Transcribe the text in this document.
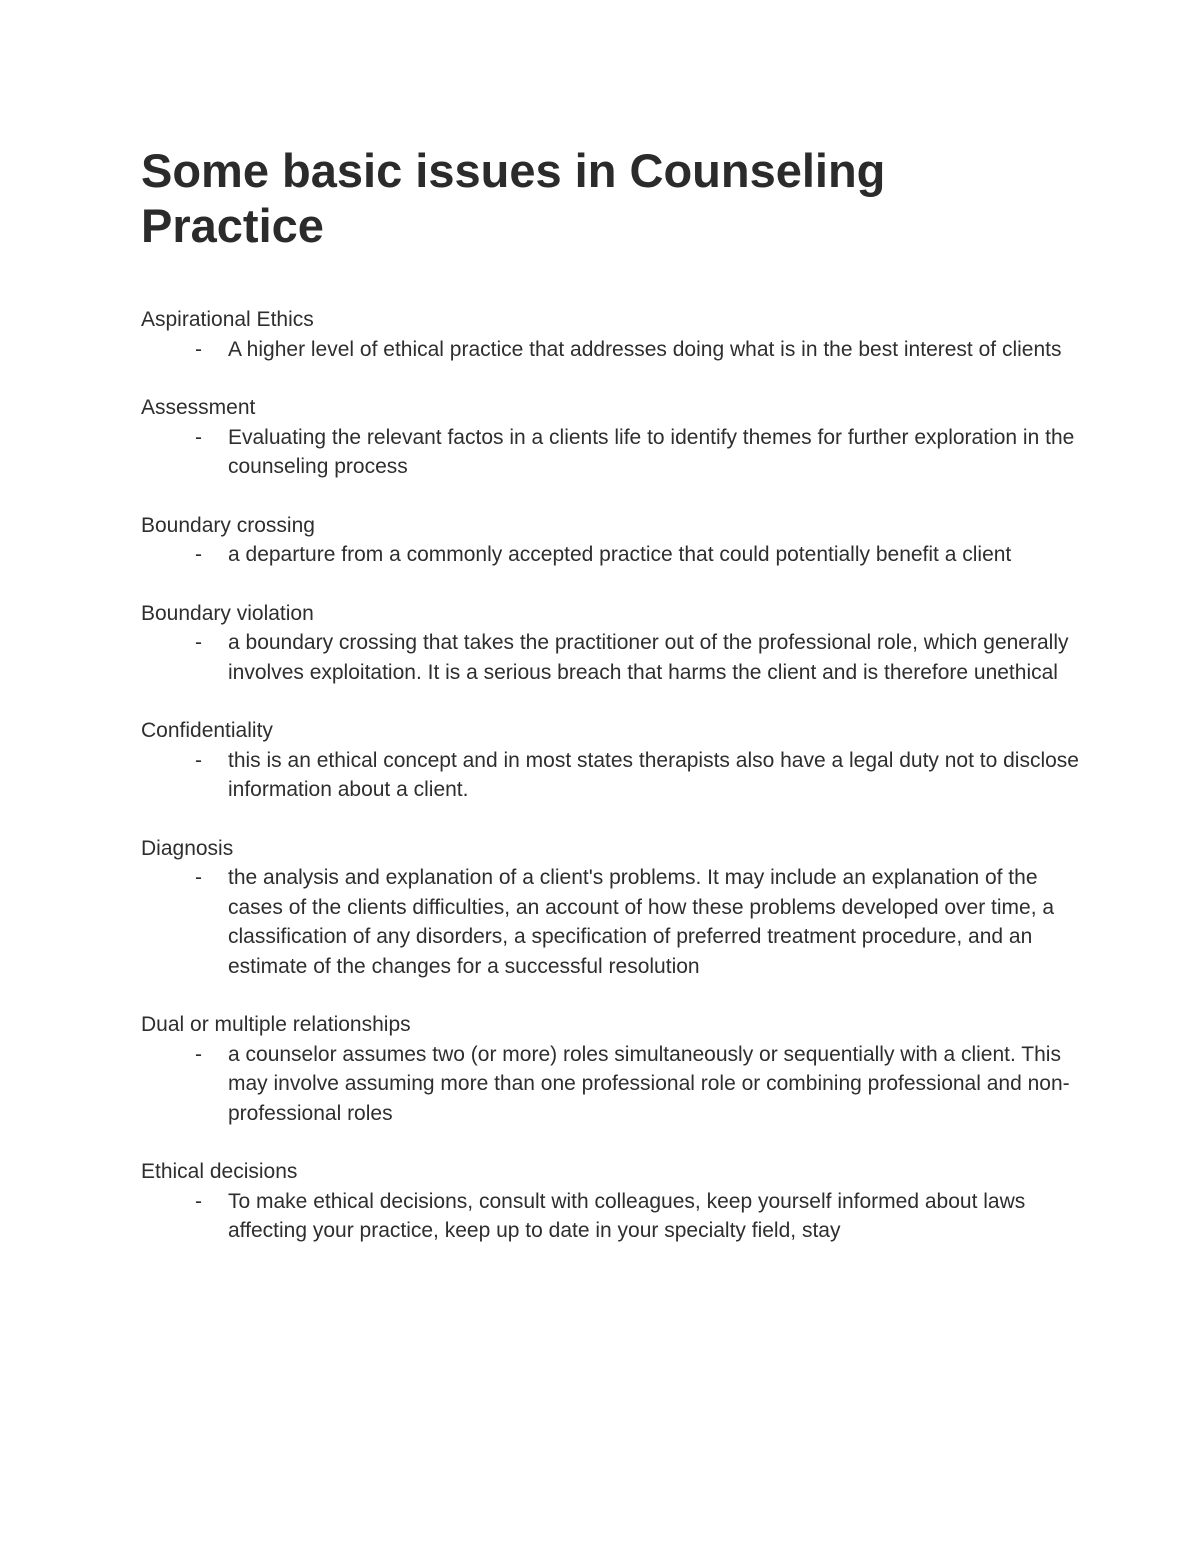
Some basic issues in Counseling Practice

Aspirational Ethics

- A higher level of ethical practice that addresses doing what is in the best interest of clients

Assessment

- Evaluating the relevant factos in a clients life to identify themes for further exploration in the counseling process

Boundary crossing

- a departure from a commonly accepted practice that could potentially benefit a client

Boundary violation

- a boundary crossing that takes the practitioner out of the professional role, which generally involves exploitation. It is a serious breach that harms the client and is therefore unethical

Confidentiality

- this is an ethical concept and in most states therapists also have a legal duty not to disclose information about a client.

Diagnosis

- the analysis and explanation of a client's problems. It may include an explanation of the cases of the clients difficulties, an account of how these problems developed over time, a classification of any disorders, a specification of preferred treatment procedure, and an estimate of the changes for a successful resolution

Dual or multiple relationships

- a counselor assumes two (or more) roles simultaneously or sequentially with a client. This may involve assuming more than one professional role or combining professional and non-professional roles

Ethical decisions

- To make ethical decisions, consult with colleagues, keep yourself informed about laws affecting your practice, keep up to date in your specialty field, stay
